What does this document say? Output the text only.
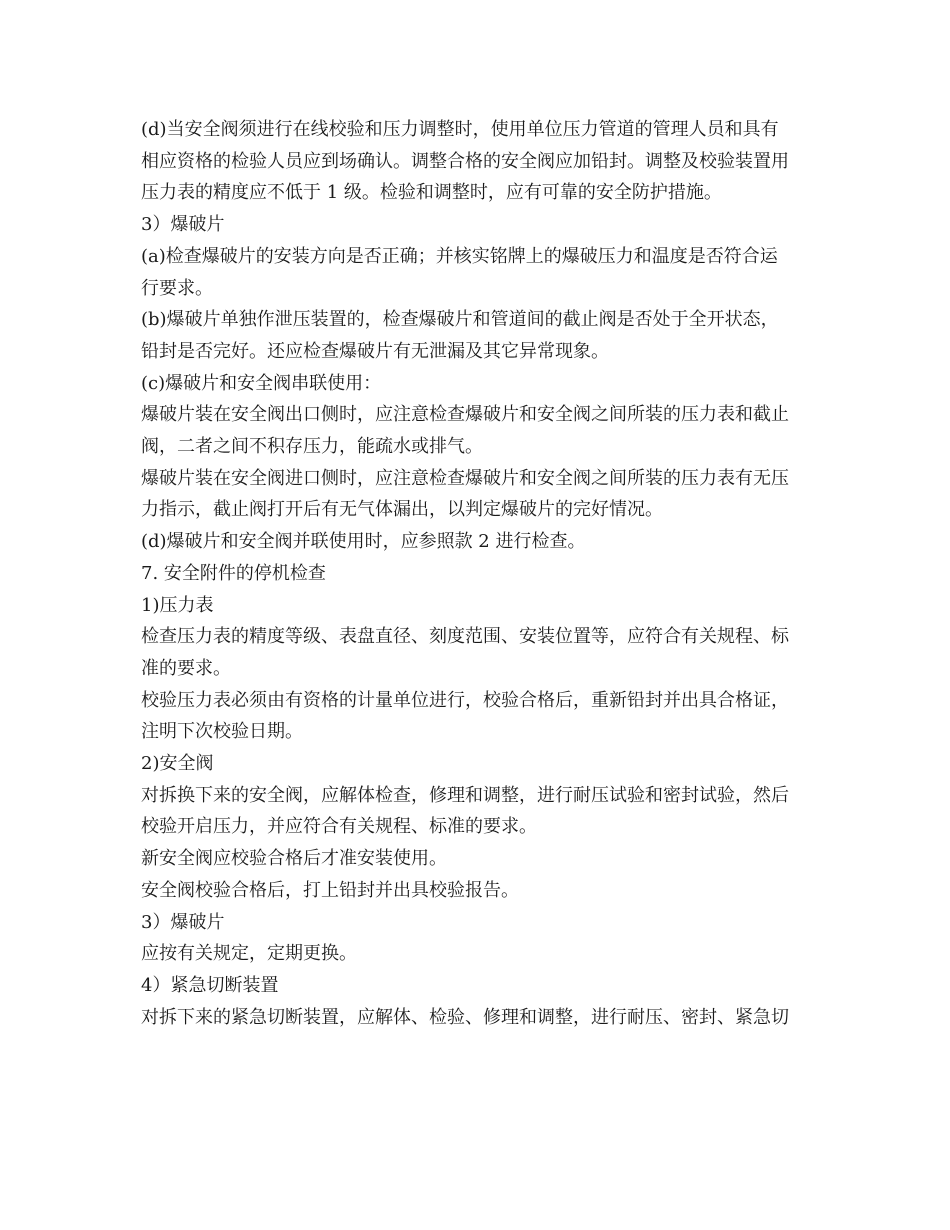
(d)当安全阀须进行在线校验和压力调整时，使用单位压力管道的管理人员和具有
相应资格的检验人员应到场确认。调整合格的安全阀应加铅封。调整及校验装置用
压力表的精度应不低于 1 级。检验和调整时，应有可靠的安全防护措施。
3）爆破片
(a)检查爆破片的安装方向是否正确；并核实铭牌上的爆破压力和温度是否符合运
行要求。
(b)爆破片单独作泄压装置的，检查爆破片和管道间的截止阀是否处于全开状态，
铅封是否完好。还应检查爆破片有无泄漏及其它异常现象。
(c)爆破片和安全阀串联使用：
爆破片装在安全阀出口侧时，应注意检查爆破片和安全阀之间所装的压力表和截止
阀，二者之间不积存压力，能疏水或排气。
爆破片装在安全阀进口侧时，应注意检查爆破片和安全阀之间所装的压力表有无压
力指示，截止阀打开后有无气体漏出，以判定爆破片的完好情况。
(d)爆破片和安全阀并联使用时，应参照款 2 进行检查。
7. 安全附件的停机检查
1)压力表
检查压力表的精度等级、表盘直径、刻度范围、安装位置等，应符合有关规程、标
准的要求。
校验压力表必须由有资格的计量单位进行，校验合格后，重新铅封并出具合格证，
注明下次校验日期。
2)安全阀
对拆换下来的安全阀，应解体检查，修理和调整，进行耐压试验和密封试验，然后
校验开启压力，并应符合有关规程、标准的要求。
新安全阀应校验合格后才准安装使用。
安全阀校验合格后，打上铅封并出具校验报告。
3）爆破片
应按有关规定，定期更换。
4）紧急切断装置
对拆下来的紧急切断装置，应解体、检验、修理和调整，进行耐压、密封、紧急切
